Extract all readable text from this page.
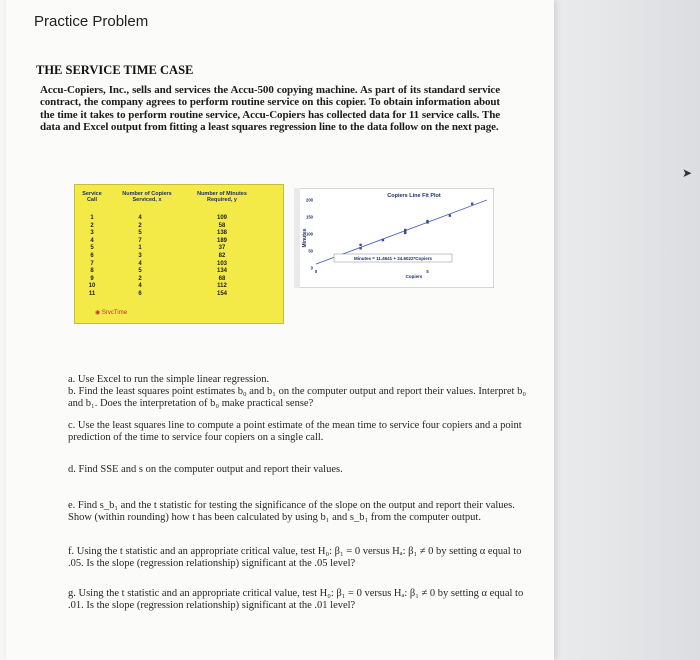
Practice Problem
THE SERVICE TIME CASE
Accu-Copiers, Inc., sells and services the Accu-500 copying machine. As part of its standard service contract, the company agrees to perform routine service on this copier. To obtain information about the time it takes to perform routine service, Accu-Copiers has collected data for 11 service calls. The data and Excel output from fitting a least squares regression line to the data follow on the next page.
Service Call
Number of Copiers Serviced, x
Number of Minutes Required, y
1
2
3
4
5
6
7
8
9
10
11
4
2
5
7
1
3
4
5
2
4
6
109
58
138
189
37
82
103
134
68
112
154
◉ SrvcTime
Copiers Line Fit Plot
Minutes
Copiers
200
150
100
50
0
0	5
Minutes = 11.4641 + 24.6022*Copiers
a. Use Excel to run the simple linear regression.
b. Find the least squares point estimates b₀ and b₁ on the computer output and report their values. Interpret b₀ and b₁. Does the interpretation of b₀ make practical sense?
c. Use the least squares line to compute a point estimate of the mean time to service four copiers and a point prediction of the time to service four copiers on a single call.
d. Find SSE and s on the computer output and report their values.
e. Find s_b₁ and the t statistic for testing the significance of the slope on the output and report their values. Show (within rounding) how t has been calculated by using b₁ and s_b₁ from the computer output.
f. Using the t statistic and an appropriate critical value, test H₀: β₁ = 0 versus Hₐ: β₁ ≠ 0 by setting α equal to .05. Is the slope (regression relationship) significant at the .05 level?
g. Using the t statistic and an appropriate critical value, test H₀: β₁ = 0 versus Hₐ: β₁ ≠ 0 by setting α equal to .01. Is the slope (regression relationship) significant at the .01 level?
➤
